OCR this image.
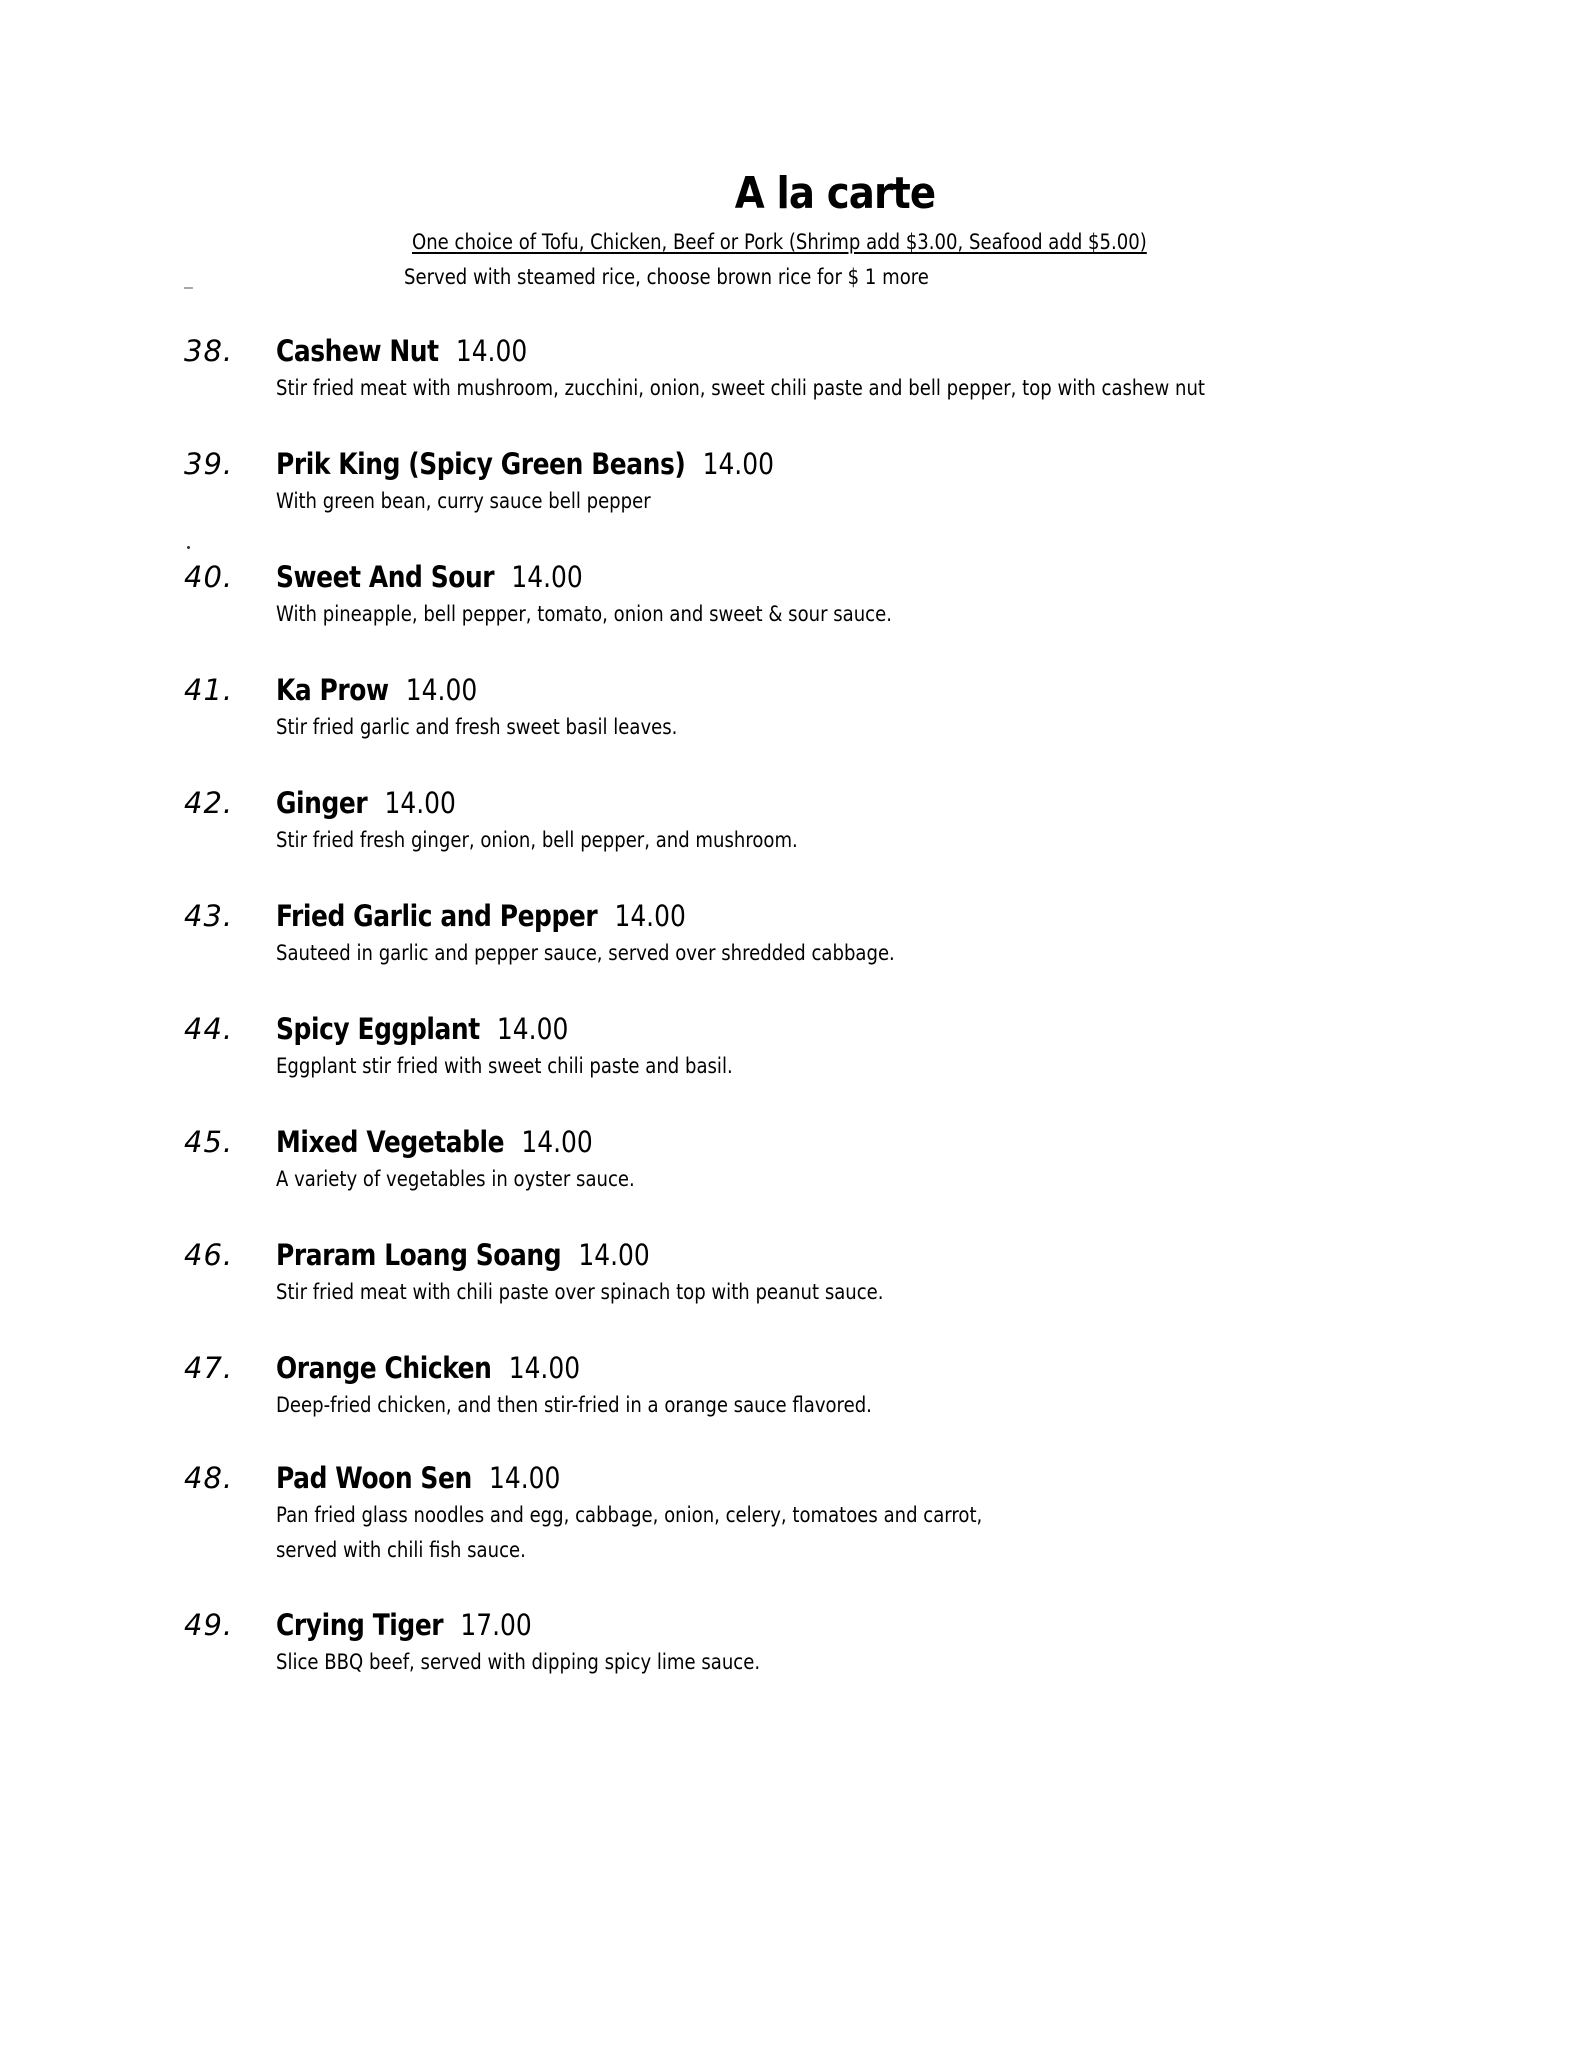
A la carte
One choice of Tofu, Chicken, Beef or Pork (Shrimp add $3.00, Seafood add $5.00)
Served with steamed rice, choose brown rice for $ 1 more
38. Cashew Nut 14.00
Stir fried meat with mushroom, zucchini, onion, sweet chili paste and bell pepper, top with cashew nut
39. Prik King (Spicy Green Beans) 14.00
With green bean, curry sauce bell pepper
40. Sweet And Sour 14.00
With pineapple, bell pepper, tomato, onion and sweet & sour sauce.
41. Ka Prow 14.00
Stir fried garlic and fresh sweet basil leaves.
42. Ginger 14.00
Stir fried fresh ginger, onion, bell pepper, and mushroom.
43. Fried Garlic and Pepper 14.00
Sauteed in garlic and pepper sauce, served over shredded cabbage.
44. Spicy Eggplant 14.00
Eggplant stir fried with sweet chili paste and basil.
45. Mixed Vegetable 14.00
A variety of vegetables in oyster sauce.
46. Praram Loang Soang 14.00
Stir fried meat with chili paste over spinach top with peanut sauce.
47. Orange Chicken 14.00
Deep-fried chicken, and then stir-fried in a orange sauce flavored.
48. Pad Woon Sen 14.00
Pan fried glass noodles and egg, cabbage, onion, celery, tomatoes and carrot,
served with chili fish sauce.
49. Crying Tiger 17.00
Slice BBQ beef, served with dipping spicy lime sauce.
